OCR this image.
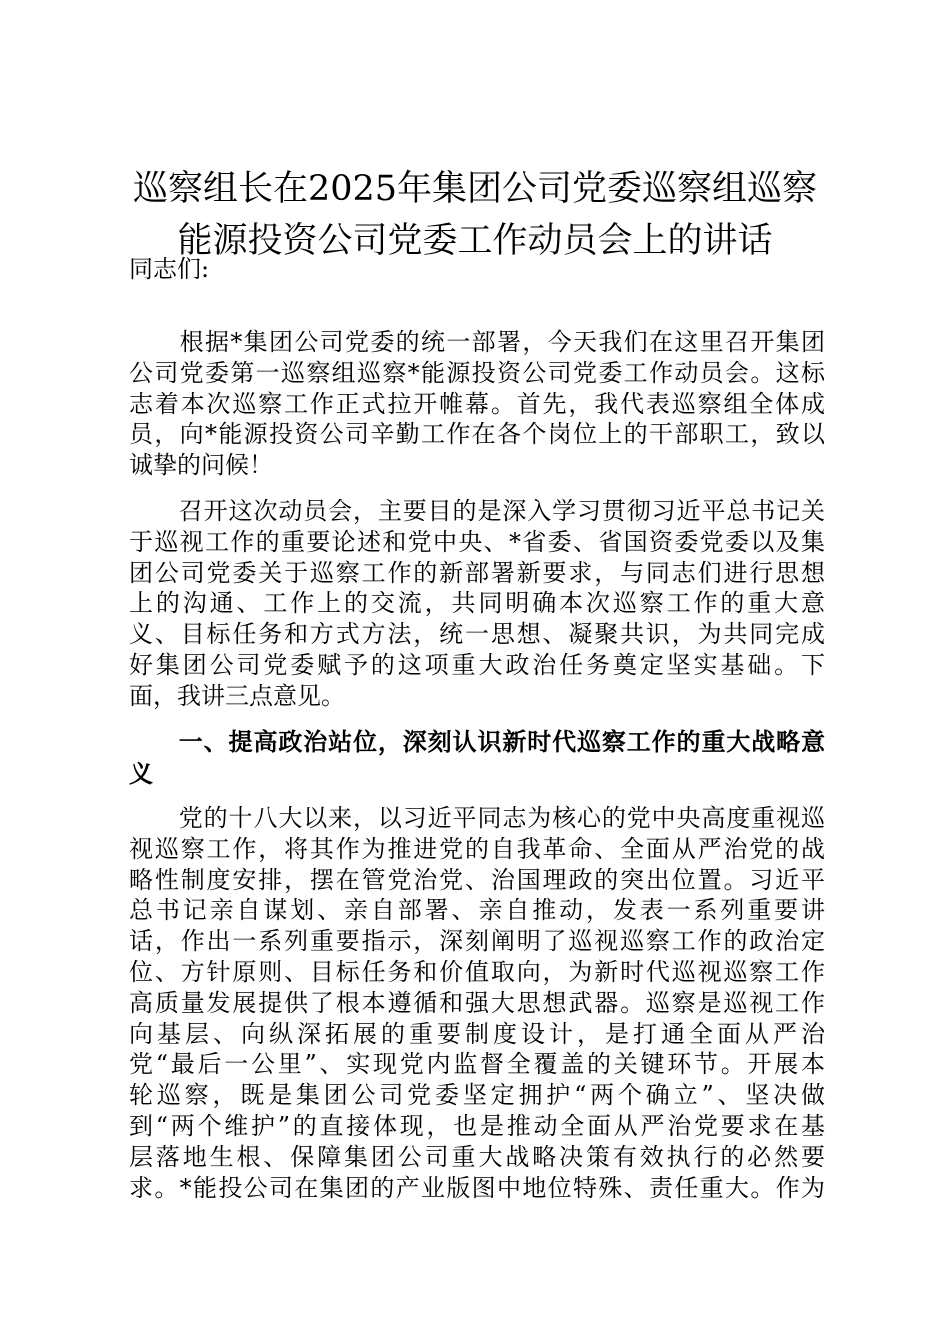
巡察组长在2025年集团公司党委巡察组巡察
能源投资公司党委工作动员会上的讲话

同志们:

　　根据*集团公司党委的统一部署，今天我们在这里召开集团
公司党委第一巡察组巡察*能源投资公司党委工作动员会。这标
志着本次巡察工作正式拉开帷幕。首先，我代表巡察组全体成
员，向*能源投资公司辛勤工作在各个岗位上的干部职工，致以
诚挚的问候！
　　召开这次动员会，主要目的是深入学习贯彻习近平总书记关
于巡视工作的重要论述和党中央、*省委、省国资委党委以及集
团公司党委关于巡察工作的新部署新要求，与同志们进行思想
上的沟通、工作上的交流，共同明确本次巡察工作的重大意
义、目标任务和方式方法，统一思想、凝聚共识，为共同完成
好集团公司党委赋予的这项重大政治任务奠定坚实基础。下
面，我讲三点意见。
　　一、提高政治站位，深刻认识新时代巡察工作的重大战略意
义
　　党的十八大以来，以习近平同志为核心的党中央高度重视巡
视巡察工作，将其作为推进党的自我革命、全面从严治党的战
略性制度安排，摆在管党治党、治国理政的突出位置。习近平
总书记亲自谋划、亲自部署、亲自推动，发表一系列重要讲
话，作出一系列重要指示，深刻阐明了巡视巡察工作的政治定
位、方针原则、目标任务和价值取向，为新时代巡视巡察工作
高质量发展提供了根本遵循和强大思想武器。巡察是巡视工作
向基层、向纵深拓展的重要制度设计，是打通全面从严治
党“最后一公里”、实现党内监督全覆盖的关键环节。开展本
轮巡察，既是集团公司党委坚定拥护“两个确立”、坚决做
到“两个维护”的直接体现，也是推动全面从严治党要求在基
层落地生根、保障集团公司重大战略决策有效执行的必然要
求。*能投公司在集团的产业版图中地位特殊、责任重大。作为
